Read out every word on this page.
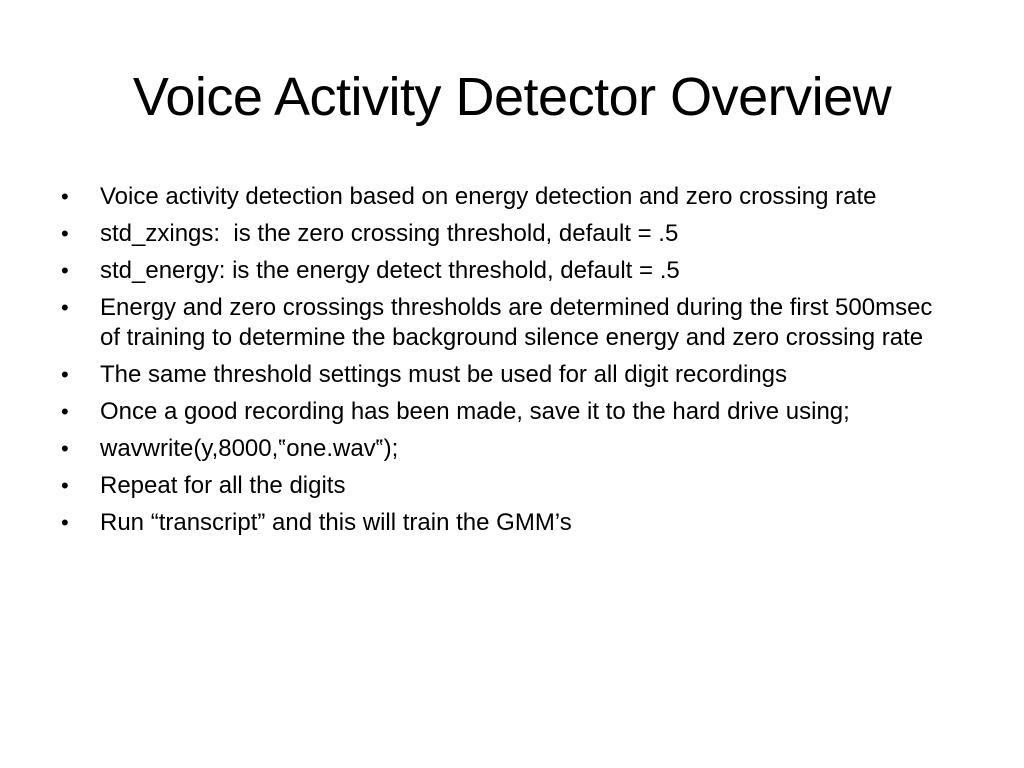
Voice Activity Detector Overview
• Voice activity detection based on energy detection and zero crossing rate
• std_zxings:  is the zero crossing threshold, default = .5
• std_energy: is the energy detect threshold, default = .5
• Energy and zero crossings thresholds are determined during the first 500msec of training to determine the background silence energy and zero crossing rate
• The same threshold settings must be used for all digit recordings
• Once a good recording has been made, save it to the hard drive using;
• wavwrite(y,8000,‟one.wav‟);
• Repeat for all the digits
• Run “transcript” and this will train the GMM’s
